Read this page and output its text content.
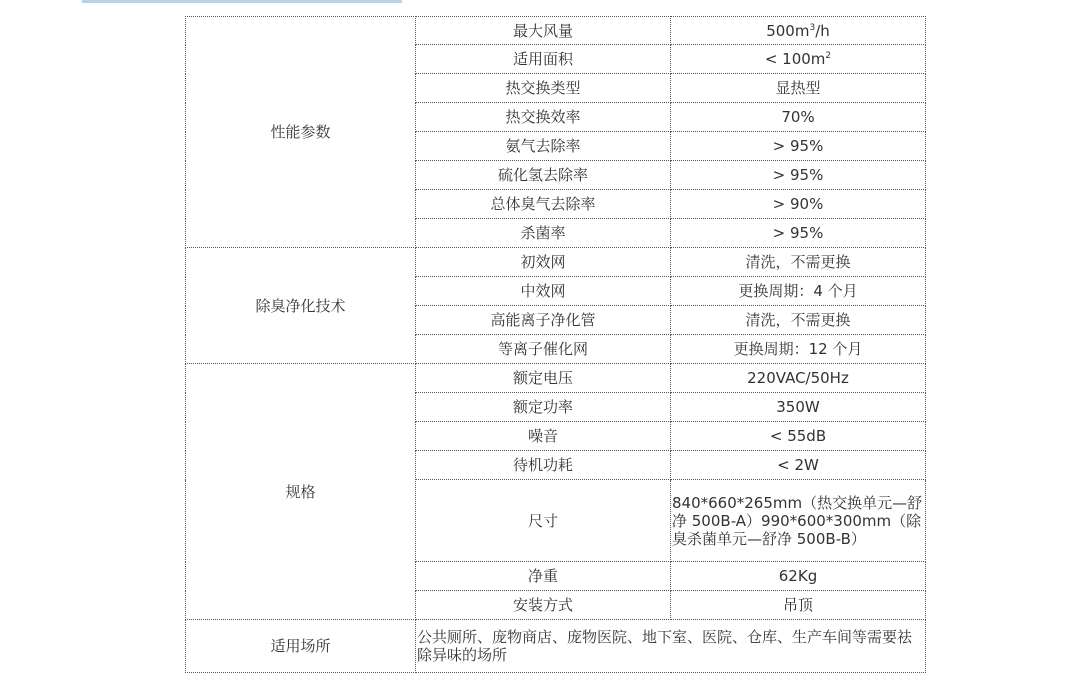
性能参数	最大风量	$500m^3/h$
	适用面积	< $100m^2$
	热交换类型	显热型
	热交换效率	70%
	氨气去除率	> 95%
	硫化氢去除率	> 95%
	总体臭气去除率	> 90%
	杀菌率	> 95%
除臭净化技术	初效网	清洗，不需更换
	中效网	更换周期：4 个月
	高能离子净化管	清洗，不需更换
	等离子催化网	更换周期：12 个月
规格	额定电压	220VAC/50Hz
	额定功率	350W
	噪音	< 55dB
	待机功耗	< 2W
	尺寸	840*660*265mm（热交换单元—舒净 500B-A）990*600*300mm（除臭杀菌单元—舒净 500B-B）
	净重	62Kg
	安装方式	吊顶
适用场所	公共厕所、庞物商店、庞物医院、地下室、医院、仓库、生产车间等需要祛除异味的场所	
